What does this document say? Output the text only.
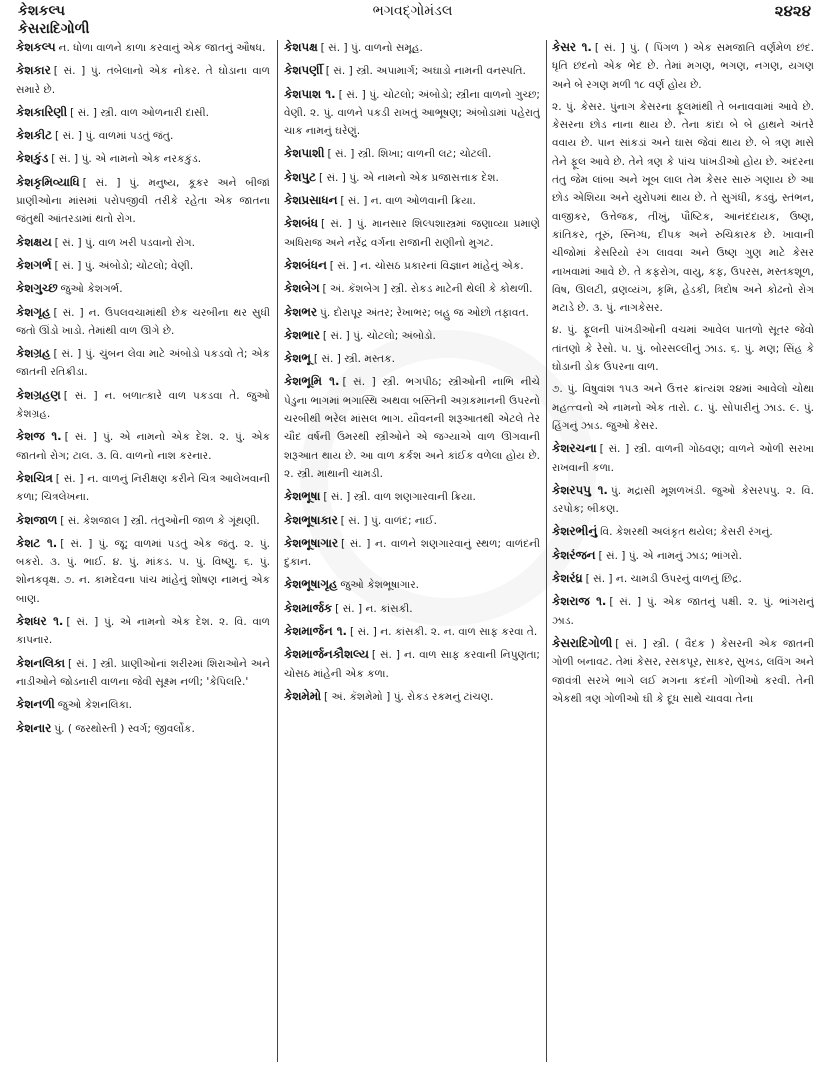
ભગવદ્ગોમંડલ
કેશકલ્પ	૨૪૨૪
કેસરાદિગોળી

કેશકલ્પ ન. ધોળા વાળને કાળા કરવાનું એક જાતનું ઔષધ.

કેશકાર [ સં. ] પું. તબેલાનો એક નોકર. તે ઘોડાના વાળ સમારે છે.

કેશકારિણી [ સં. ] સ્ત્રી. વાળ ઓળનારી દાસી.

કેશકીટ [ સં. ] પું. વાળમાં પડતું જંતુ.

કેશકુંડ [ સં. ] પું. એ નામનો એક નરકકુંડ.

કેશકૃમિવ્યાધિ [ સં. ] પું. મનુષ્ય, કૂકર અને બીજાં પ્રાણીઓના માંસમાં પરોપજીવી તરીકે રહેતા એક જાતના જંતુથી આંતરડામાં થતો રોગ.

કેશક્ષય [ સં. ] પું. વાળ ખરી પડવાનો રોગ.

કેશગર્ભ [ સં. ] પું. અંબોડો; ચોટલો; વેણી.

કેશગુચ્છ જુઓ કેશગર્ભ.

કેશગૃહ [ સં. ] ન. ઉપલવચામાંથી છેક ચરબીના થર સુધી જતો ઊંડો ખાડો. તેમાંથી વાળ ઊગે છે.

કેશગ્રહ [ સં. ] પું. ચુંબન લેવા માટે અંબોડો પકડવો તે; એક જાતની રતિક્રીડા.

કેશગ્રહણ [ સં. ] ન. બળાત્કારે વાળ પકડવા તે. જુઓ કેશગ્રહ.

કેશજ ૧. [ સં. ] પું. એ નામનો એક દેશ. ૨. પું. એક જાતનો રોગ; ટાલ. ૩. વિ. વાળનો નાશ કરનાર.

કેશચિત્ર [ સં. ] ન. વાળનું નિરીક્ષણ કરીને ચિત્ર આલેખવાની કળા; ચિત્રલેખના.

કેશજાળ [ સં. કેશજાલ ] સ્ત્રી. તંતુઓની જાળ કે ગૂંથણી.

કેશટ ૧. [ સં. ] પું. જૂ; વાળમાં પડતું એક જંતુ. ૨. પું. બકરો. ૩. પું. ભાઈ. ૪. પું. માંકડ. ૫. પું. વિષ્ણુ. ૬. પું. શોનકવૃક્ષ. ૭. ન. કામદેવના પાંચ માંહેનું શોષણ નામનું એક બાણ.

કેશધર ૧. [ સં. ] પું. એ નામનો એક દેશ. ૨. વિ. વાળ કાપનાર.

કેશનલિકા [ સં. ] સ્ત્રી. પ્રાણીઓનાં શરીરમાં શિરાઓને અને નાડીઓને જોડનારી વાળના જેવી સૂક્ષ્મ નળી; 'કેપિલરિ.'

કેશનળી જુઓ કેશનલિકા.

કેશનાર પું. ( જરથોસ્તી ) સ્વર્ગ; જીવર્લોક.

કેશપક્ષ [ સં. ] પું. વાળનો સમૂહ.

કેશપર્ણી [ સં. ] સ્ત્રી. અપામાર્ગ; અઘાડો નામની વનસ્પતિ.

કેશપાશ ૧. [ સં. ] પું. ચોટલો; અંબોડો; સ્ત્રીના વાળનો ગુચ્છ; વેણી. ૨. પું. વાળને પકડી રાખતું આભૂષણ; અંબોડામાં પહેરાતું ચાક નામનું ઘરેણું.

કેશપાશી [ સં. ] સ્ત્રી. શિખા; વાળની લટ; ચોટલી.

કેશપુટ [ સં. ] પું. એ નામનો એક પ્રજાસત્તાક દેશ.

કેશપ્રસાધન [ સં. ] ન. વાળ ઓળવાની ક્રિયા.

કેશબંધ [ સં. ] પું. માનસાર શિલ્પશાસ્ત્રમાં જણાવ્યા પ્રમાણે અધિરાજ અને નરેંદ્ર વર્ગના રાજાની રાણીનો મુગટ.

કેશબંધન [ સં. ] ન. ચોસઠ પ્રકારનાં વિજ્ઞાન માંહેનું એક.

કેશબેગ [ અં. કૅશબેગ ] સ્ત્રી. રોકડ માટેની થેલી કે કોથળી.

કેશભર પું. દોરાપૂર અંતર; રેખાભર; બહુ જ ઓછો તફાવત.

કેશભાર [ સં. ] પું. ચોટલો; અંબોડો.

કેશભૂ [ સં. ] સ્ત્રી. મસ્તક.

કેશભૂમિ ૧. [ સં. ] સ્ત્રી. ભગપીઠ; સ્ત્રીઓની નાભિ નીચે પેડુના ભાગમાં ભગાસ્થિ અથવા બસ્તિની અગ્રકમાનની ઉપરનો ચરબીથી ભરેલ માંસલ ભાગ. યૌવનની શરૂઆતથી એટલે તેર ચૌદ વર્ષની ઉમરથી સ્ત્રીઓને એ જગ્યાએ વાળ ઊગવાની શરૂઆત થાય છે. આ વાળ કર્કશ અને કાંઈક વળેલા હોય છે. ૨. સ્ત્રી. માથાની ચામડી.

કેશભૂષા [ સં. ] સ્ત્રી. વાળ શણગારવાની ક્રિયા.

કેશભૂષાકાર [ સં. ] પું. વાળંદ; નાઈ.

કેશભૂષાગાર [ સં. ] ન. વાળને શણગારવાનું સ્થળ; વાળંદની દુકાન.

કેશભૂષાગૃહ જુઓ કેશભૂષાગાર.

કેશમાર્જક [ સં. ] ન. કાંસકી.

કેશમાર્જન ૧. [ સં. ] ન. કાંસકી. ૨. ન. વાળ સાફ કરવા તે.

કેશમાર્જનકૌશલ્ય [ સં. ] ન. વાળ સાફ કરવાની નિપુણતા; ચોસઠ માંહેની એક કળા.

કેશમેમો [ અં. કૅશમેમો ] પું. રોકડ રકમનું ટાંચણ.

કેસર ૧. [ સં. ] પું. ( પિંગળ ) એક સમજાતિ વર્ણમેળ છંદ. ધૃતિ છંદનો એક ભેદ છે. તેમાં મગણ, ભગણ, નગણ, યગણ અને બે રગણ મળી ૧૮ વર્ણ હોય છે.

૨. પું. કેસર. પુંનાગ કેસરના ફૂલમાંથી તે બનાવવામાં આવે છે. કેસરના છોડ નાના થાય છે. તેના કાંદા બે બે હાથને અંતરે વવાય છે. પાન સાંકડાં અને ઘાસ જેવાં થાય છે. બે ત્રણ માસે તેને ફૂલ આવે છે. તેને ત્રણ કે પાંચ પાંખડીઓ હોય છે. અંદરના તંતુ જેમ લાંબા અને ખૂબ લાલ તેમ કેસર સારું ગણાય છે આ છોડ એશિયા અને યુરોપમાં થાય છે. તે સુગંધી, કડવું, સ્તંભન, વાજીકર, ઉત્તેજક, તીખું, પૌષ્ટિક, આનંદદાયક, ઉષ્ણ, કાંતિકર, તૂરું, સ્નિગ્ધ, દીપક અને રુચિકારક છે. ખાવાની ચીજોમાં કેસરિયો રંગ લાવવા અને ઉષ્ણ ગુણ માટે કેસર નાખવામાં આવે છે. તે કફરોગ, વાયુ, કફ, ઉપરસ, મસ્તકશૂળ, વિષ, ઊલટી, વ્રણવ્યંગ, કૃમિ, હેડકી, ત્રિદોષ અને કોઢનો રોગ મટાડે છે. ૩. પું. નાગકેસર.

૪. પું. ફૂલની પાંખડીઓની વચમાં આવેલ પાતળો સૂતર જેવો તાંતણો કે રેસો. ૫. પું. બોરસલ્લીનું ઝાડ. ૬. પું. મણ; સિંહ કે ઘોડાની ડોક ઉપરના વાળ.

૭. પું. વિષુવાંશ ૧૫૩ અને ઉત્તર ક્રાંત્યંશ ૨૪માં આવેલો ચોથા મહત્ત્વનો એ નામનો એક તારો. ૮. પું. સોપારીનું ઝાડ. ૯. પું. હિંગનું ઝાડ. જુઓ કેસર.

કેશરચના [ સં. ] સ્ત્રી. વાળની ગોઠવણ; વાળને ઓળી સરખા રાખવાની કળા.

કેશરપપુ ૧. પું. મદ્રાસી મૂશળખંડી. જુઓ કેસરપપુ. ૨. વિ. ડરપોક; બીકણ.

કેશરભીનું વિ. કેશરથી અલંકૃત થયેલ; કેસરી રંગનું.

કેશરંજન [ સં. ] પું. એ નામનું ઝાડ; ભાંગરો.

કેશરંધ્ર [ સં. ] ન. ચામડી ઉપરનું વાળનું છિદ્ર.

કેશરાજ ૧. [ સં. ] પું. એક જાતનું પક્ષી. ૨. પું. ભાંગરાનું ઝાડ.

કેસરાદિગોળી [ સં. ] સ્ત્રી. ( વૈદક ) કેસરની એક જાતની ગોળી બનાવટ. તેમાં કેસર, રસકપૂર, સાકર, સુખડ, લવિંગ અને જાવંત્રી સરખે ભાગે લઈ મગના કદની ગોળીઓ કરવી. તેની એકથી ત્રણ ગોળીઓ ઘી કે દૂધ સાથે ચાવવા તેના
